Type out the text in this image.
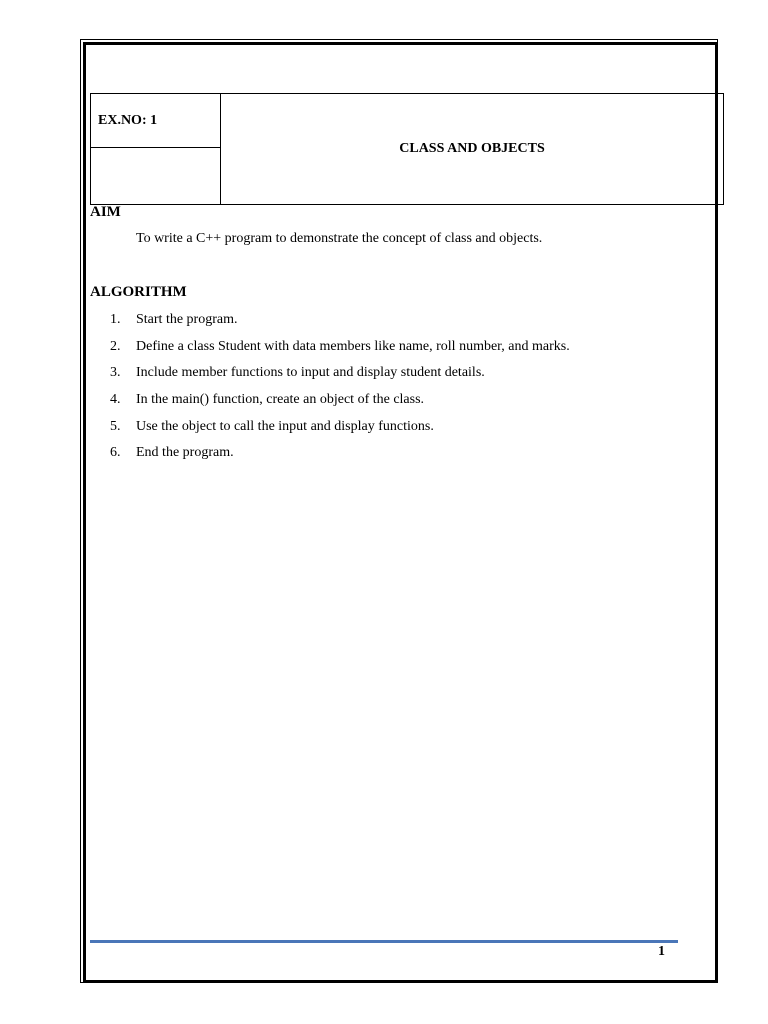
EX.NO: 1	CLASS AND OBJECTS

AIM

To write a C++ program to demonstrate the concept of class and objects.

ALGORITHM

1.	Start the program.
2.	Define a class Student with data members like name, roll number, and marks.
3.	Include member functions to input and display student details.
4.	In the main() function, create an object of the class.
5.	Use the object to call the input and display functions.
6.	End the program.
1
